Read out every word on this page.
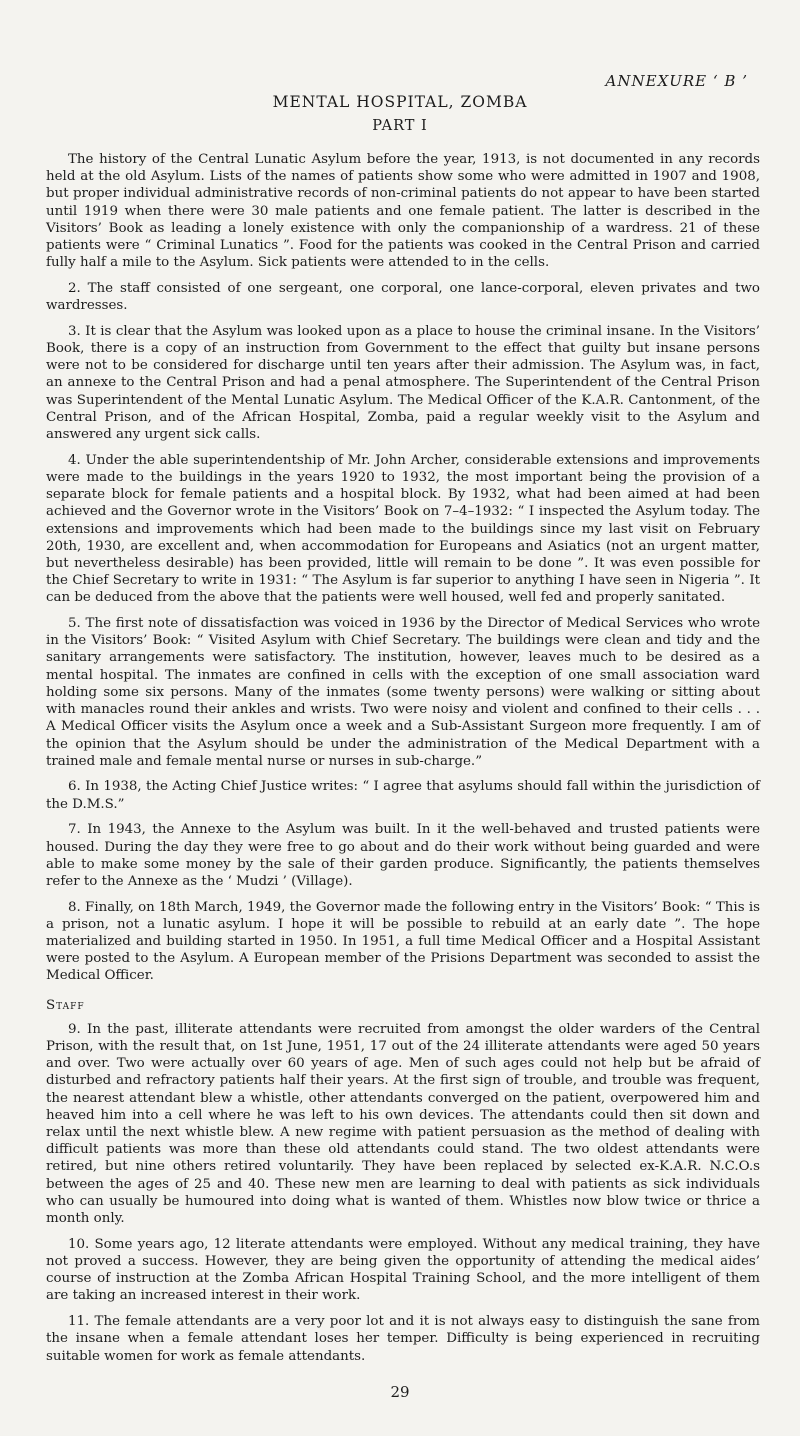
ANNEXURE ‘ B ’
MENTAL HOSPITAL, ZOMBA
PART I

The history of the Central Lunatic Asylum before the year, 1913, is not documented in any records held at the old Asylum. Lists of the names of patients show some who were admitted in 1907 and 1908, but proper individual administrative records of non-criminal patients do not appear to have been started until 1919 when there were 30 male patients and one female patient. The latter is described in the Visitors’ Book as leading a lonely existence with only the companionship of a wardress. 21 of these patients were “ Criminal Lunatics ”. Food for the patients was cooked in the Central Prison and carried fully half a mile to the Asylum. Sick patients were attended to in the cells.

2. The staff consisted of one sergeant, one corporal, one lance-corporal, eleven privates and two wardresses.

3. It is clear that the Asylum was looked upon as a place to house the criminal insane. In the Visitors’ Book, there is a copy of an instruction from Government to the effect that guilty but insane persons were not to be considered for discharge until ten years after their admission. The Asylum was, in fact, an annexe to the Central Prison and had a penal atmosphere. The Superintendent of the Central Prison was Superintendent of the Mental Lunatic Asylum. The Medical Officer of the K.A.R. Cantonment, of the Central Prison, and of the African Hospital, Zomba, paid a regular weekly visit to the Asylum and answered any urgent sick calls.

4. Under the able superintendentship of Mr. John Archer, considerable extensions and improvements were made to the buildings in the years 1920 to 1932, the most important being the provision of a separate block for female patients and a hospital block. By 1932, what had been aimed at had been achieved and the Governor wrote in the Visitors’ Book on 7–4–1932: “ I inspected the Asylum today. The extensions and improvements which had been made to the buildings since my last visit on February 20th, 1930, are excellent and, when accommodation for Europeans and Asiatics (not an urgent matter, but nevertheless desirable) has been provided, little will remain to be done ”. It was even possible for the Chief Secretary to write in 1931: “ The Asylum is far superior to anything I have seen in Nigeria ”. It can be deduced from the above that the patients were well housed, well fed and properly sanitated.

5. The first note of dissatisfaction was voiced in 1936 by the Director of Medical Services who wrote in the Visitors’ Book: “ Visited Asylum with Chief Secretary. The buildings were clean and tidy and the sanitary arrangements were satisfactory. The institution, however, leaves much to be desired as a mental hospital. The inmates are confined in cells with the exception of one small association ward holding some six persons. Many of the inmates (some twenty persons) were walking or sitting about with manacles round their ankles and wrists. Two were noisy and violent and confined to their cells . . . A Medical Officer visits the Asylum once a week and a Sub-Assistant Surgeon more frequently. I am of the opinion that the Asylum should be under the administration of the Medical Department with a trained male and female mental nurse or nurses in sub-charge.”

6. In 1938, the Acting Chief Justice writes: “ I agree that asylums should fall within the jurisdiction of the D.M.S.”

7. In 1943, the Annexe to the Asylum was built. In it the well-behaved and trusted patients were housed. During the day they were free to go about and do their work without being guarded and were able to make some money by the sale of their garden produce. Significantly, the patients themselves refer to the Annexe as the ‘ Mudzi ’ (Village).

8. Finally, on 18th March, 1949, the Governor made the following entry in the Visitors’ Book: “ This is a prison, not a lunatic asylum. I hope it will be possible to rebuild at an early date ”. The hope materialized and building started in 1950. In 1951, a full time Medical Officer and a Hospital Assistant were posted to the Asylum. A European member of the Prisions Department was seconded to assist the Medical Officer.

Staff

9. In the past, illiterate attendants were recruited from amongst the older warders of the Central Prison, with the result that, on 1st June, 1951, 17 out of the 24 illiterate attendants were aged 50 years and over. Two were actually over 60 years of age. Men of such ages could not help but be afraid of disturbed and refractory patients half their years. At the first sign of trouble, and trouble was frequent, the nearest attendant blew a whistle, other attendants converged on the patient, overpowered him and heaved him into a cell where he was left to his own devices. The attendants could then sit down and relax until the next whistle blew. A new regime with patient persuasion as the method of dealing with difficult patients was more than these old attendants could stand. The two oldest attendants were retired, but nine others retired voluntarily. They have been replaced by selected ex-K.A.R. N.C.O.s between the ages of 25 and 40. These new men are learning to deal with patients as sick individuals who can usually be humoured into doing what is wanted of them. Whistles now blow twice or thrice a month only.

10. Some years ago, 12 literate attendants were employed. Without any medical training, they have not proved a success. However, they are being given the opportunity of attending the medical aides’ course of instruction at the Zomba African Hospital Training School, and the more intelligent of them are taking an increased interest in their work.

11. The female attendants are a very poor lot and it is not always easy to distinguish the sane from the insane when a female attendant loses her temper. Difficulty is being experienced in recruiting suitable women for work as female attendants.

29
